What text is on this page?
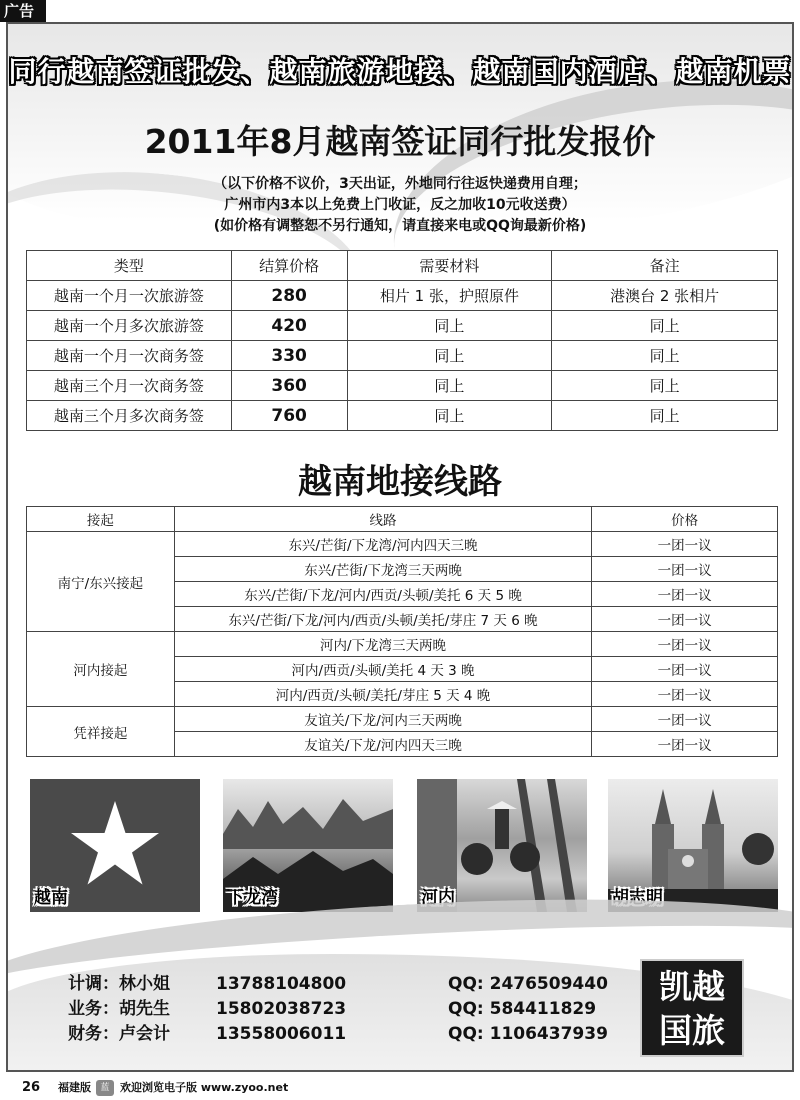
广告
同行越南签证批发、越南旅游地接、越南国内酒店、越南机票
2011年8月越南签证同行批发报价
（以下价格不议价，3天出证，外地同行往返快递费用自理；
广州市内3本以上免费上门收证，反之加收10元收送费）
(如价格有调整恕不另行通知，请直接来电或QQ询最新价格)
类型	结算价格	需要材料	备注
越南一个月一次旅游签	280	相片 1 张，护照原件	港澳台 2 张相片
越南一个月多次旅游签	420	同上	同上
越南一个月一次商务签	330	同上	同上
越南三个月一次商务签	360	同上	同上
越南三个月多次商务签	760	同上	同上
越南地接线路
接起	线路	价格
南宁/东兴接起	东兴/芒街/下龙湾/河内四天三晚	一团一议
	东兴/芒街/下龙湾三天两晚	一团一议
	东兴/芒街/下龙/河内/西贡/头顿/美托 6 天 5 晚	一团一议
	东兴/芒街/下龙/河内/西贡/头顿/美托/芽庄 7 天 6 晚	一团一议
河内接起	河内/下龙湾三天两晚	一团一议
	河内/西贡/头顿/美托 4 天 3 晚	一团一议
	河内/西贡/头顿/美托/芽庄 5 天 4 晚	一团一议
凭祥接起	友谊关/下龙/河内三天两晚	一团一议
	友谊关/下龙/河内四天三晚	一团一议
越南	下龙湾	河内	胡志明
计调：林小姐	13788104800	QQ: 2476509440
业务：胡先生	15802038723	QQ: 584411829
财务：卢会计	13558006011	QQ: 1106437939
凯越
国旅
26 福建版	蓝 欢迎浏览电子版 www.zyoo.net
